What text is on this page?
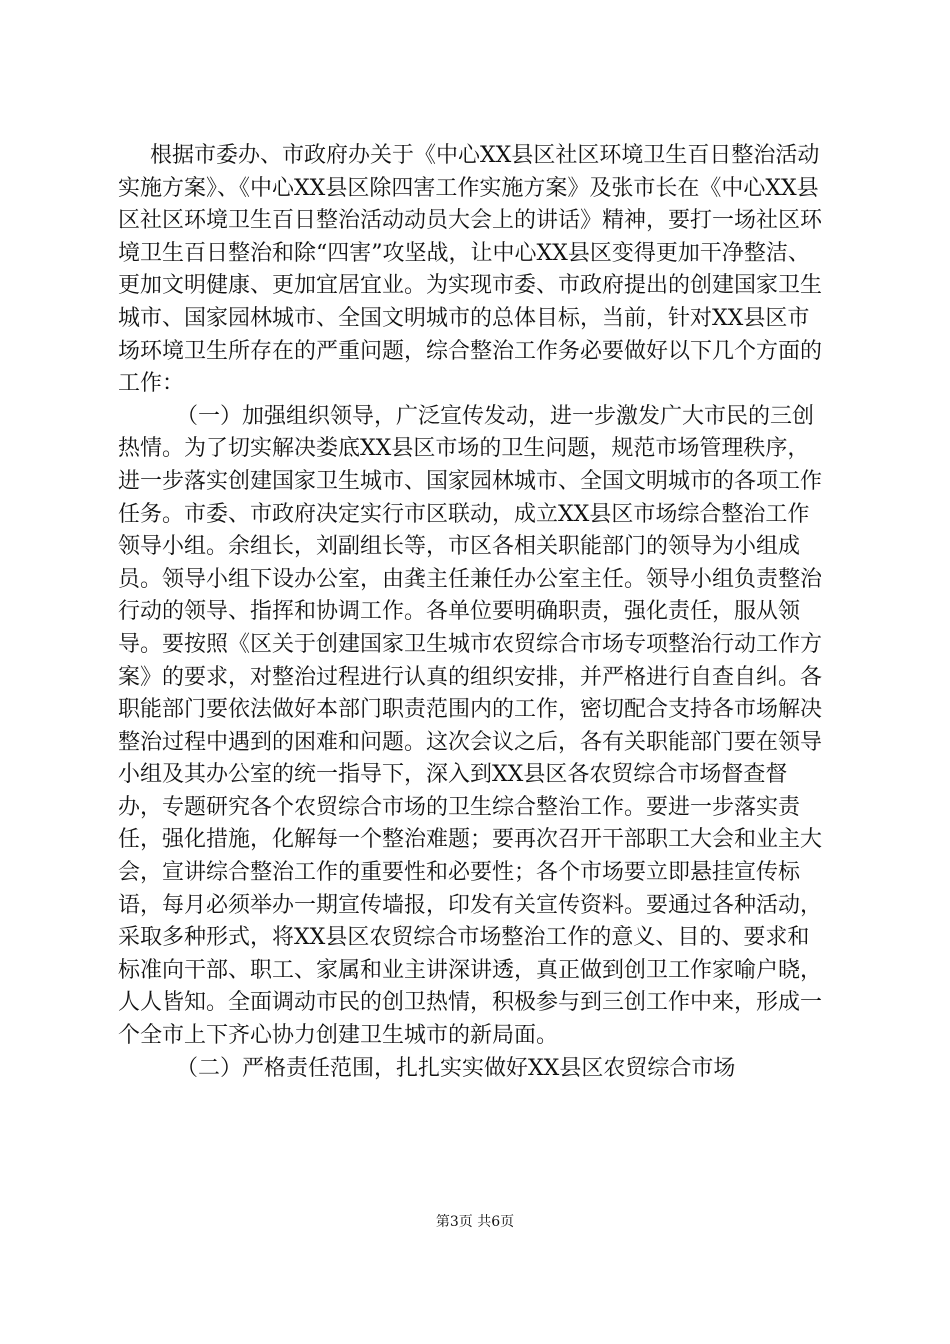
根据市委办、市政府办关于《中心XX县区社区环境卫生百日整治活动实施方案》、《中心XX县区除四害工作实施方案》及张市长在《中心XX县区社区环境卫生百日整治活动动员大会上的讲话》精神，要打一场社区环境卫生百日整治和除“四害”攻坚战，让中心XX县区变得更加干净整洁、更加文明健康、更加宜居宜业。为实现市委、市政府提出的创建国家卫生城市、国家园林城市、全国文明城市的总体目标，当前，针对XX县区市场环境卫生所存在的严重问题，综合整治工作务必要做好以下几个方面的工作：

（一）加强组织领导，广泛宣传发动，进一步激发广大市民的三创热情。为了切实解决娄底XX县区市场的卫生问题，规范市场管理秩序，进一步落实创建国家卫生城市、国家园林城市、全国文明城市的各项工作任务。市委、市政府决定实行市区联动，成立XX县区市场综合整治工作领导小组。余组长，刘副组长等，市区各相关职能部门的领导为小组成员。领导小组下设办公室，由龚主任兼任办公室主任。领导小组负责整治行动的领导、指挥和协调工作。各单位要明确职责，强化责任，服从领导。要按照《区关于创建国家卫生城市农贸综合市场专项整治行动工作方案》的要求，对整治过程进行认真的组织安排，并严格进行自查自纠。各职能部门要依法做好本部门职责范围内的工作，密切配合支持各市场解决整治过程中遇到的困难和问题。这次会议之后，各有关职能部门要在领导小组及其办公室的统一指导下，深入到XX县区各农贸综合市场督查督办，专题研究各个农贸综合市场的卫生综合整治工作。要进一步落实责任，强化措施，化解每一个整治难题；要再次召开干部职工大会和业主大会，宣讲综合整治工作的重要性和必要性；各个市场要立即悬挂宣传标语，每月必须举办一期宣传墙报，印发有关宣传资料。要通过各种活动，采取多种形式，将XX县区农贸综合市场整治工作的意义、目的、要求和标准向干部、职工、家属和业主讲深讲透，真正做到创卫工作家喻户晓，人人皆知。全面调动市民的创卫热情，积极参与到三创工作中来，形成一个全市上下齐心协力创建卫生城市的新局面。

（二）严格责任范围，扎扎实实做好XX县区农贸综合市场

第3页 共6页
